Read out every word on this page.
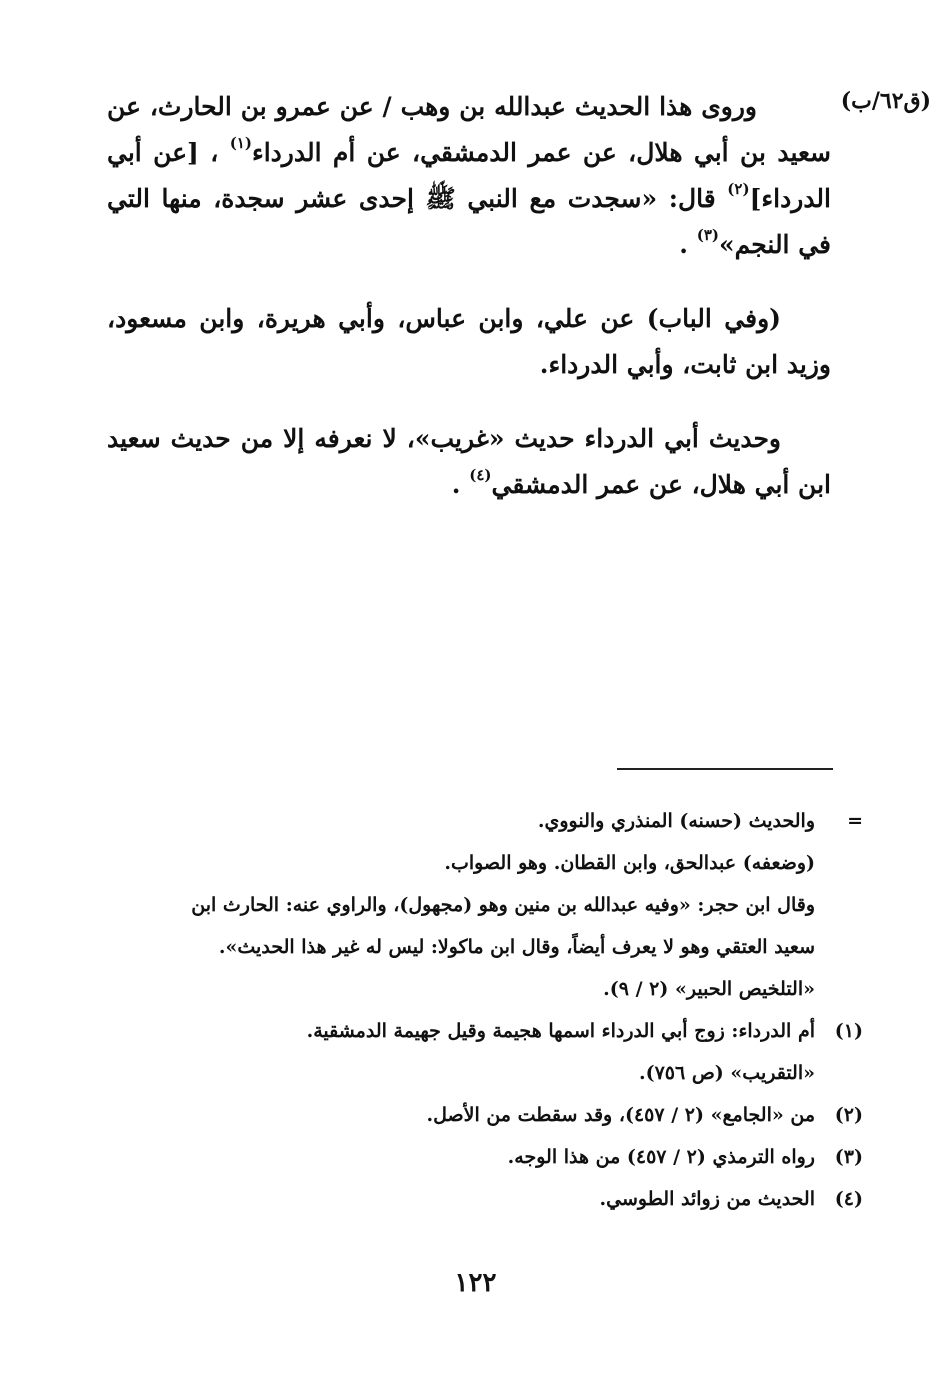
(ق٦٢/ب)

وروى هذا الحديث عبدالله بن وهب / عن عمرو بن الحارث، عن سعيد بن أبي هلال، عن عمر الدمشقي، عن أم الدرداء$^{(١)}$ ، [عن أبي الدرداء]$^{(٢)}$ قال: «سجدت مع النبي ﷺ إحدى عشر سجدة، منها التي في النجم»$^{(٣)}$ .

(وفي الباب) عن علي، وابن عباس، وأبي هريرة، وابن مسعود، وزيد ابن ثابت، وأبي الدرداء.

وحديث أبي الدرداء حديث «غريب»، لا نعرفه إلا من حديث سعيد ابن أبي هلال، عن عمر الدمشقي$^{(٤)}$ .

=
والحديث (حسنه) المنذري والنووي.
(وضعفه) عبدالحق، وابن القطان. وهو الصواب.
وقال ابن حجر: «وفيه عبدالله بن منين وهو (مجهول)، والراوي عنه: الحارث ابن
سعيد العتقي وهو لا يعرف أيضاً، وقال ابن ماكولا: ليس له غير هذا الحديث».
«التلخيص الحبير» (٢ / ٩).
(١)
أم الدرداء: زوج أبي الدرداء اسمها هجيمة وقيل جهيمة الدمشقية.
«التقريب» (ص ٧٥٦).
(٢)
من «الجامع» (٢ / ٤٥٧)، وقد سقطت من الأصل.
(٣)
رواه الترمذي (٢ / ٤٥٧) من هذا الوجه.
(٤)
الحديث من زوائد الطوسي.
١٢٢
